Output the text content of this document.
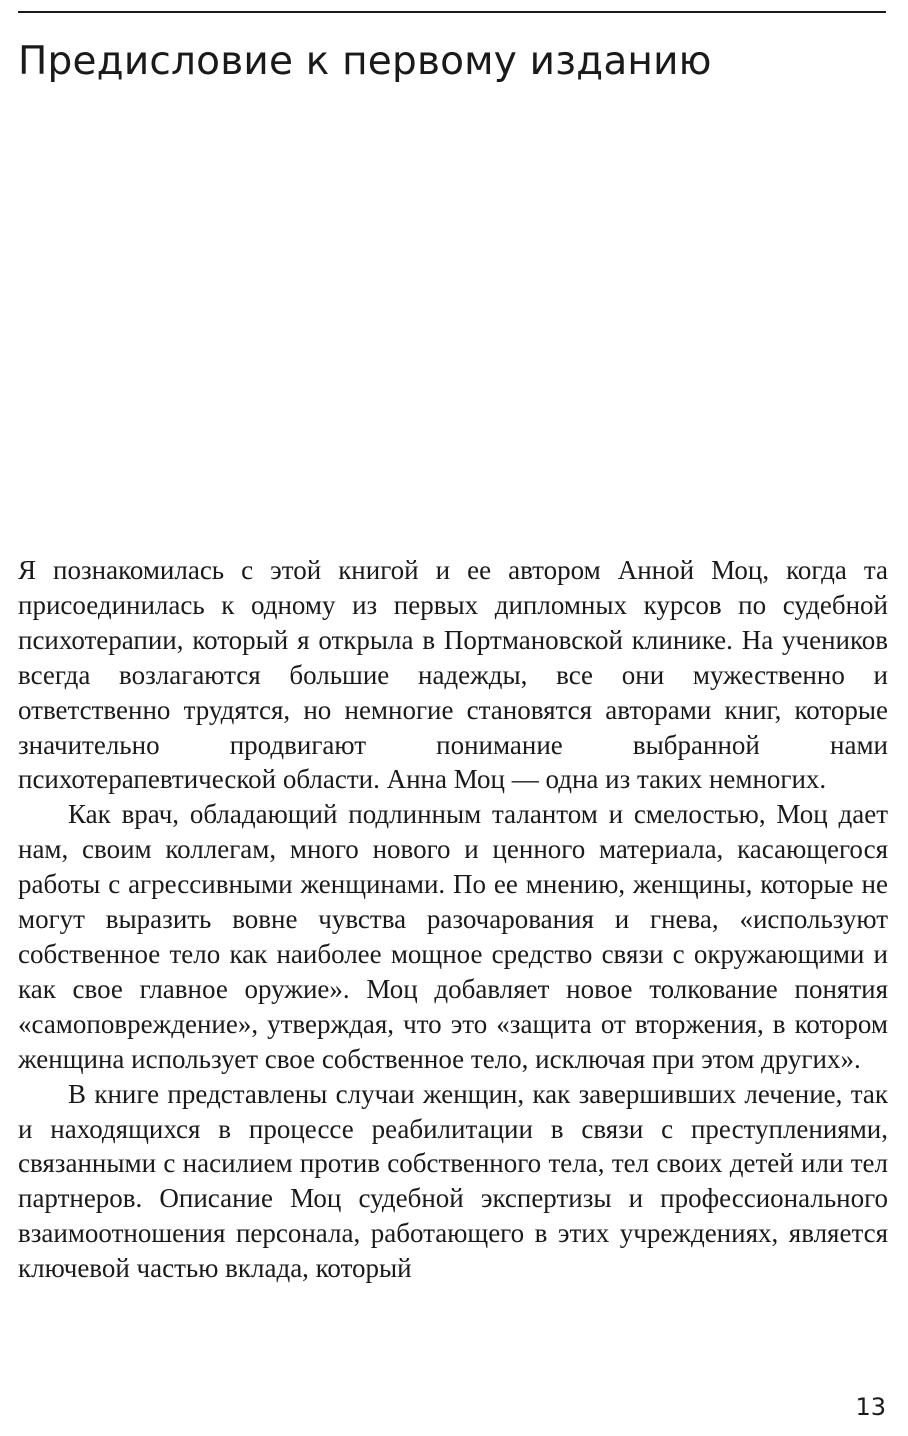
Предисловие к первому изданию

Я познакомилась с этой книгой и ее автором Анной Моц, когда та присоединилась к одному из первых дипломных курсов по судебной психотерапии, который я открыла в Портмановской клинике. На учеников всегда возлагаются большие надежды, все они мужественно и ответственно трудятся, но немногие становятся авторами книг, которые значительно продвигают понимание выбранной нами психотерапевтической области. Анна Моц — одна из таких немногих.

Как врач, обладающий подлинным талантом и смелостью, Моц дает нам, своим коллегам, много нового и ценного материала, касающегося работы с агрессивными женщинами. По ее мнению, женщины, которые не могут выразить вовне чувства разочарования и гнева, «используют собственное тело как наиболее мощное средство связи с окружающими и как свое главное оружие». Моц добавляет новое толкование понятия «самоповреждение», утверждая, что это «защита от вторжения, в котором женщина использует свое собственное тело, исключая при этом других».

В книге представлены случаи женщин, как завершивших лечение, так и находящихся в процессе реабилитации в связи с преступлениями, связанными с насилием против собственного тела, тел своих детей или тел партнеров. Описание Моц судебной экспертизы и профессионального взаимоотношения персонала, работающего в этих учреждениях, является ключевой частью вклада, который

13
